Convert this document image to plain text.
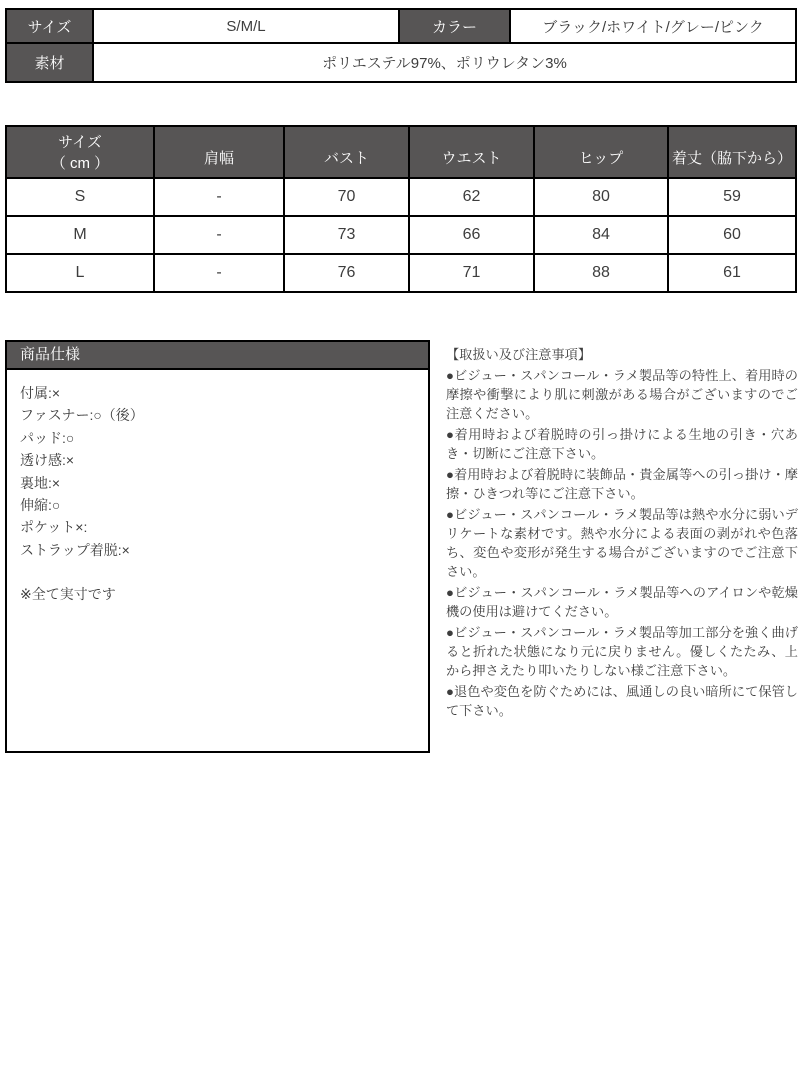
サイズ	S/M/L	カラー	ブラック/ホワイト/グレー/ピンク
素材	ポリエステル97%、ポリウレタン3%		
サイズ
（ cm ）	肩幅	バスト	ウエスト	ヒップ	着丈（脇下から）
S	-	70	62	80	59
M	-	73	66	84	60
L	-	76	71	88	61
商品仕様
付属:×
ファスナー:○（後）
パッド:○
透け感:×
裏地:×
伸縮:○
ポケット×:
ストラップ着脱:×
※全て実寸です

【取扱い及び注意事項】

●ビジュー・スパンコール・ラメ製品等の特性上、着用時の摩擦や衝撃により肌に刺激がある場合がございますのでご注意ください。

●着用時および着脱時の引っ掛けによる生地の引き・穴あき・切断にご注意下さい。

●着用時および着脱時に装飾品・貴金属等への引っ掛け・摩擦・ひきつれ等にご注意下さい。

●ビジュー・スパンコール・ラメ製品等は熱や水分に弱いデリケートな素材です。熱や水分による表面の剥がれや色落ち、変色や変形が発生する場合がございますのでご注意下さい。

●ビジュー・スパンコール・ラメ製品等へのアイロンや乾燥機の使用は避けてください。

●ビジュー・スパンコール・ラメ製品等加工部分を強く曲げると折れた状態になり元に戻りません。優しくたたみ、上から押さえたり叩いたりしない様ご注意下さい。

●退色や変色を防ぐためには、風通しの良い暗所にて保管して下さい。
